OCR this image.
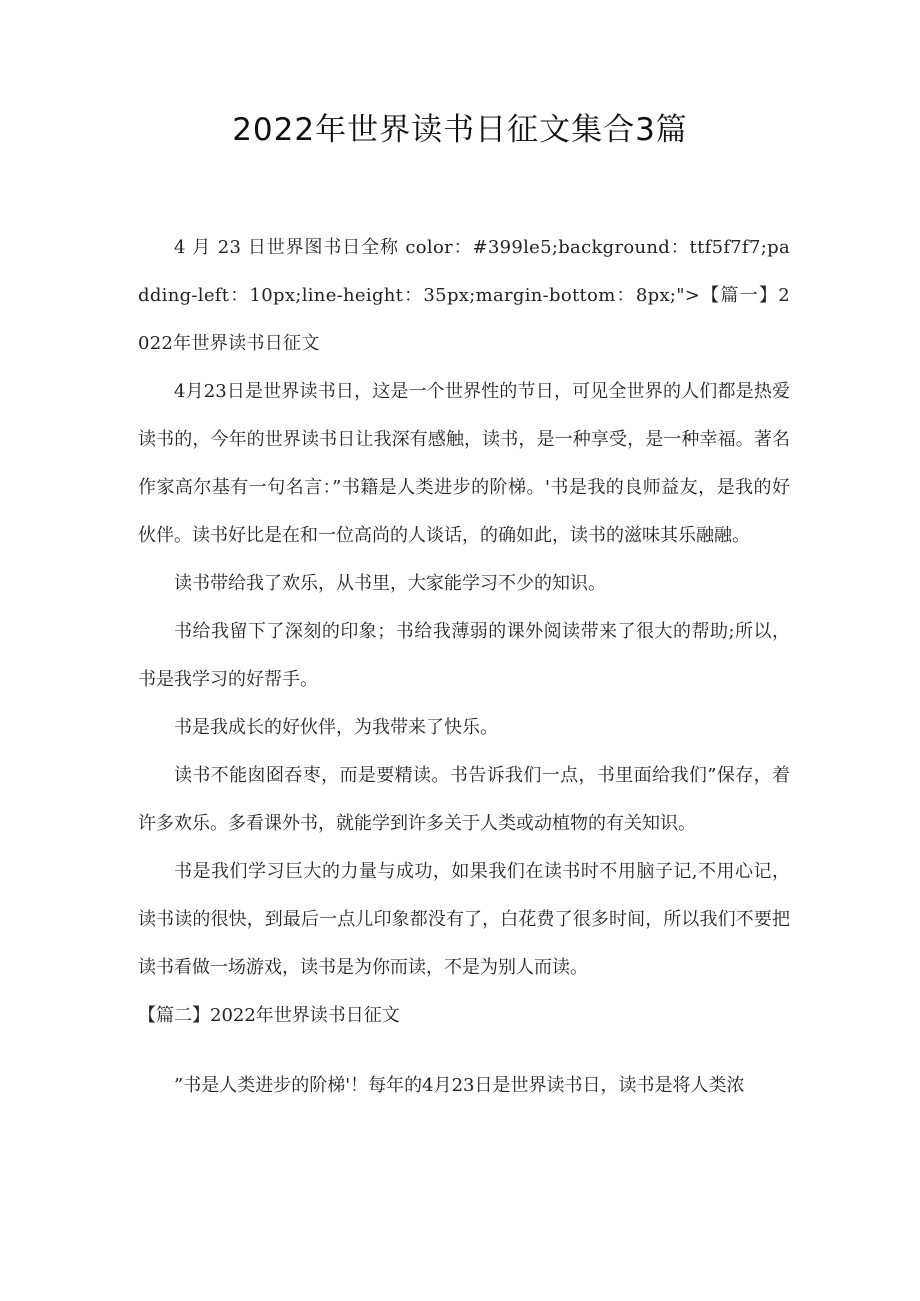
2022年世界读书日征文集合3篇

4 月 23 日世界图书日全称 color：#399le5;background：ttf5f7f7;padding-left：10px;line-height：35px;margin-bottom：8px;">【篇一】2022年世界读书日征文

4月23日是世界读书日，这是一个世界性的节日，可见全世界的人们都是热爱读书的，今年的世界读书日让我深有感触，读书，是一种享受，是一种幸福。著名作家高尔基有一句名言：”书籍是人类进步的阶梯。'书是我的良师益友，是我的好伙伴。读书好比是在和一位高尚的人谈话，的确如此，读书的滋味其乐融融。

读书带给我了欢乐，从书里，大家能学习不少的知识。

书给我留下了深刻的印象；书给我薄弱的课外阅读带来了很大的帮助;所以，书是我学习的好帮手。

书是我成长的好伙伴，为我带来了快乐。

读书不能囱囵吞枣，而是要精读。书告诉我们一点，书里面给我们”保存，着许多欢乐。多看课外书，就能学到许多关于人类或动植物的有关知识。

书是我们学习巨大的力量与成功，如果我们在读书时不用脑子记,不用心记，读书读的很快，到最后一点儿印象都没有了，白花费了很多时间，所以我们不要把读书看做一场游戏，读书是为你而读，不是为别人而读。

【篇二】2022年世界读书日征文

”书是人类进步的阶梯'！每年的4月23日是世界读书日，读书是将人类浓
